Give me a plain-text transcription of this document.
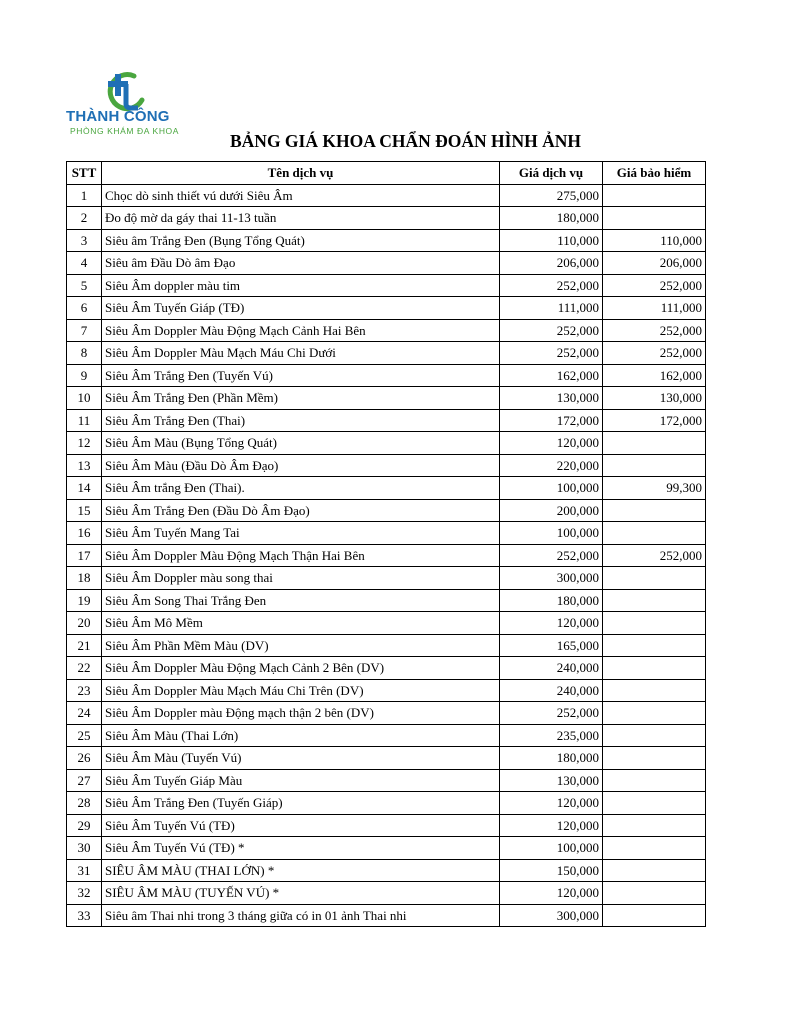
THÀNH CÔNG
PHÒNG KHÁM ĐA KHOA	BẢNG GIÁ KHOA CHẨN ĐOÁN HÌNH ẢNH
STT	Tên dịch vụ	Giá dịch vụ	Giá bảo hiểm
1	Chọc dò sinh thiết vú dưới Siêu Âm	275,000	
2	Đo độ mờ da gáy thai 11-13 tuần	180,000	
3	Siêu âm Trắng Đen (Bụng Tổng Quát)	110,000	110,000
4	Siêu âm Đầu Dò âm Đạo	206,000	206,000
5	Siêu Âm doppler màu tim	252,000	252,000
6	Siêu Âm Tuyến Giáp (TĐ)	111,000	111,000
7	Siêu Âm Doppler Màu Động Mạch Cảnh Hai Bên	252,000	252,000
8	Siêu Âm Doppler Màu Mạch Máu Chi Dưới	252,000	252,000
9	Siêu Âm Trắng Đen (Tuyến Vú)	162,000	162,000
10	Siêu Âm Trắng Đen (Phần Mềm)	130,000	130,000
11	Siêu Âm Trắng Đen (Thai)	172,000	172,000
12	Siêu Âm Màu (Bụng Tổng Quát)	120,000	
13	Siêu Âm Màu (Đầu Dò Âm Đạo)	220,000	
14	Siêu Âm trắng Đen (Thai).	100,000	99,300
15	Siêu Âm Trắng Đen (Đầu Dò Âm Đạo)	200,000	
16	Siêu Âm Tuyến Mang Tai	100,000	
17	Siêu Âm Doppler Màu Động Mạch Thận Hai Bên	252,000	252,000
18	Siêu Âm Doppler màu song thai	300,000	
19	Siêu Âm Song Thai Trắng Đen	180,000	
20	Siêu Âm Mô Mềm	120,000	
21	Siêu Âm Phần Mềm Màu (DV)	165,000	
22	Siêu Âm Doppler Màu Động Mạch Cảnh 2 Bên (DV)	240,000	
23	Siêu Âm Doppler Màu Mạch Máu Chi Trên (DV)	240,000	
24	Siêu Âm Doppler màu Động mạch thận 2 bên (DV)	252,000	
25	Siêu Âm Màu (Thai Lớn)	235,000	
26	Siêu Âm Màu (Tuyến Vú)	180,000	
27	Siêu Âm Tuyến Giáp Màu	130,000	
28	Siêu Âm Trắng Đen (Tuyến Giáp)	120,000	
29	Siêu Âm Tuyến Vú (TĐ)	120,000	
30	Siêu Âm Tuyến Vú (TĐ) *	100,000	
31	SIÊU ÂM MÀU (THAI LỚN) *	150,000	
32	SIÊU ÂM MÀU (TUYẾN VÚ) *	120,000	
33	Siêu âm Thai nhi trong 3 tháng giữa có in 01 ảnh Thai nhi	300,000	
